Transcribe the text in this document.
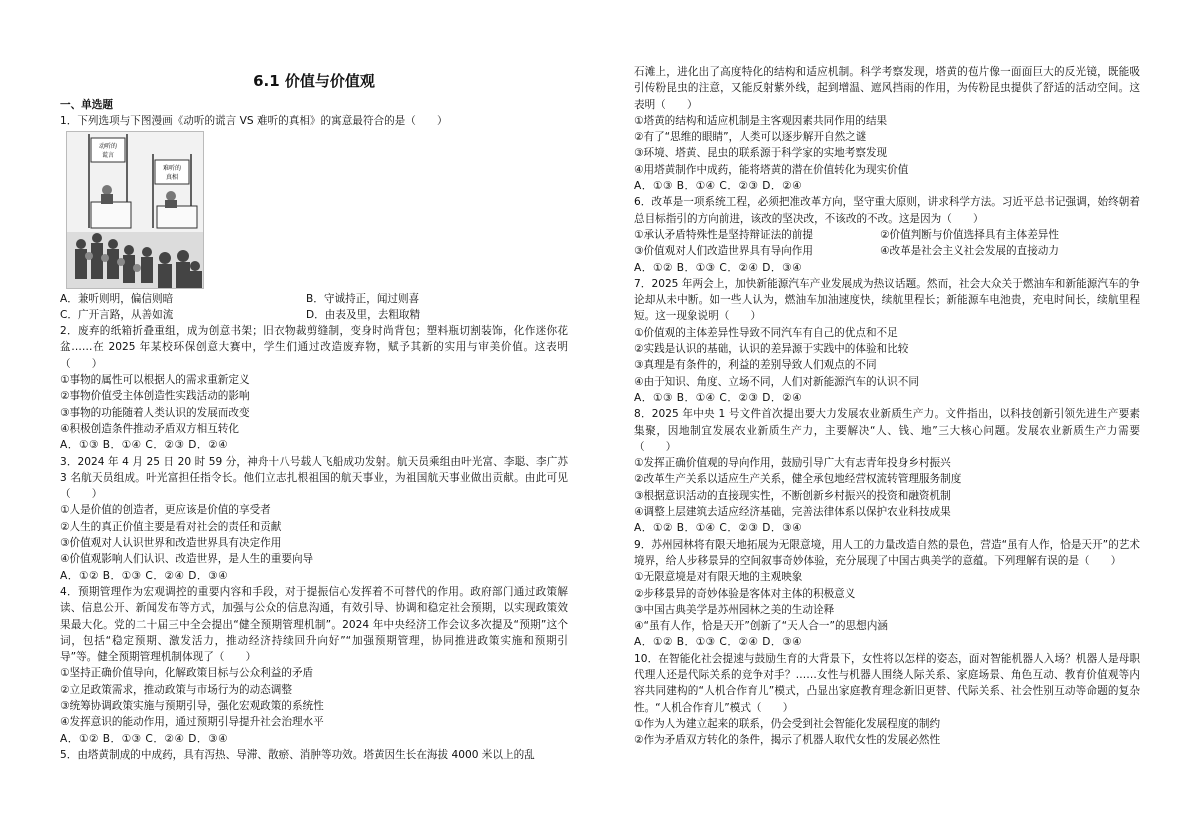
6.1 价值与价值观

一、单选题

1．下列选项与下图漫画《动听的谎言 VS 难听的真相》的寓意最符合的是（　　）

动听的
谎言
难听的
真相

A．兼听则明，偏信则暗	B．守诚持正，闻过则喜

C．广开言路，从善如流	D．由表及里，去粗取精

2．废弃的纸箱折叠重组，成为创意书架；旧衣物裁剪缝制，变身时尚背包；塑料瓶切割装饰，化作迷你花盆……在 2025 年某校环保创意大赛中，学生们通过改造废弃物，赋予其新的实用与审美价值。这表明（　　）

①事物的属性可以根据人的需求重新定义

②事物价值受主体创造性实践活动的影响

③事物的功能随着人类认识的发展而改变

④积极创造条件推动矛盾双方相互转化

A．①③ B．①④ C．②③ D．②④

3．2024 年 4 月 25 日 20 时 59 分，神舟十八号载人飞船成功发射。航天员乘组由叶光富、李聪、李广苏 3 名航天员组成。叶光富担任指令长。他们立志扎根祖国的航天事业，为祖国航天事业做出贡献。由此可见（　　）

①人是价值的创造者，更应该是价值的享受者

②人生的真正价值主要是看对社会的责任和贡献

③价值观对人认识世界和改造世界具有决定作用

④价值观影响人们认识、改造世界，是人生的重要向导

A．①② B．①③ C．②④ D．③④

4．预期管理作为宏观调控的重要内容和手段，对于提振信心发挥着不可替代的作用。政府部门通过政策解读、信息公开、新闻发布等方式，加强与公众的信息沟通，有效引导、协调和稳定社会预期，以实现政策效果最大化。党的二十届三中全会提出“健全预期管理机制”。2024 年中央经济工作会议多次提及“预期”这个词，包括“稳定预期、激发活力，推动经济持续回升向好”“加强预期管理，协同推进政策实施和预期引导”等。健全预期管理机制体现了（　　）

①坚持正确价值导向，化解政策目标与公众利益的矛盾

②立足政策需求，推动政策与市场行为的动态调整

③统筹协调政策实施与预期引导，强化宏观政策的系统性

④发挥意识的能动作用，通过预期引导提升社会治理水平

A．①② B．①③ C．②④ D．③④

5．由塔黄制成的中成药，具有泻热、导滞、散瘀、消肿等功效。塔黄因生长在海拔 4000 米以上的乱

石滩上，进化出了高度特化的结构和适应机制。科学考察发现，塔黄的苞片像一面面巨大的反光镜，既能吸引传粉昆虫的注意，又能反射紫外线，起到增温、遮风挡雨的作用，为传粉昆虫提供了舒适的活动空间。这表明（　　）

①塔黄的结构和适应机制是主客观因素共同作用的结果

②有了“思维的眼睛”，人类可以逐步解开自然之谜

③环境、塔黄、昆虫的联系源于科学家的实地考察发现

④用塔黄制作中成药，能将塔黄的潜在价值转化为现实价值

A．①③ B．①④ C．②③ D．②④

6．改革是一项系统工程，必须把准改革方向，坚守重大原则，讲求科学方法。习近平总书记强调，始终朝着总目标指引的方向前进，该改的坚决改，不该改的不改。这是因为（　　）

①承认矛盾特殊性是坚持辩证法的前提	②价值判断与价值选择具有主体差异性

③价值观对人们改造世界具有导向作用	④改革是社会主义社会发展的直接动力

A．①② B．①③ C．②④ D．③④

7．2025 年两会上，加快新能源汽车产业发展成为热议话题。然而，社会大众关于燃油车和新能源汽车的争论却从未中断。如一些人认为，燃油车加油速度快，续航里程长；新能源车电池贵，充电时间长，续航里程短。这一现象说明（　　）

①价值观的主体差异性导致不同汽车有自己的优点和不足

②实践是认识的基础，认识的差异源于实践中的体验和比较

③真理是有条件的，利益的差别导致人们观点的不同

④由于知识、角度、立场不同，人们对新能源汽车的认识不同

A．①③ B．①④ C．②③ D．②④

8．2025 年中央 1 号文件首次提出要大力发展农业新质生产力。文件指出，以科技创新引领先进生产要素集聚，因地制宜发展农业新质生产力，主要解决“人、钱、地”三大核心问题。发展农业新质生产力需要（　　）

①发挥正确价值观的导向作用，鼓励引导广大有志青年投身乡村振兴

②改革生产关系以适应生产关系，健全承包地经营权流转管理服务制度

③根据意识活动的直接现实性，不断创新乡村振兴的投资和融资机制

④调整上层建筑去适应经济基础，完善法律体系以保护农业科技成果

A．①② B．①④ C．②③ D．③④

9．苏州园林将有限天地拓展为无限意境，用人工的力量改造自然的景色，营造“虽有人作，恰是天开”的艺术境界，给人步移景异的空间叙事奇妙体验，充分展现了中国古典美学的意蕴。下列理解有误的是（　　）

①无限意境是对有限天地的主观映象

②步移景异的奇妙体验是客体对主体的积极意义

③中国古典美学是苏州园林之美的生动诠释

④“虽有人作，恰是天开”创新了“天人合一”的思想内涵

A．①② B．①③ C．②④ D．③④

10．在智能化社会提速与鼓励生育的大背景下，女性将以怎样的姿态，面对智能机器人入场？机器人是母职代理人还是代际关系的竞争对手？……女性与机器人围绕人际关系、家庭场景、角色互动、教育价值观等内容共同建构的“人机合作育儿”模式，凸显出家庭教育理念新旧更替、代际关系、社会性别互动等命题的复杂性。“人机合作育儿”模式（　　）

①作为人为建立起来的联系，仍会受到社会智能化发展程度的制约

②作为矛盾双方转化的条件，揭示了机器人取代女性的发展必然性
